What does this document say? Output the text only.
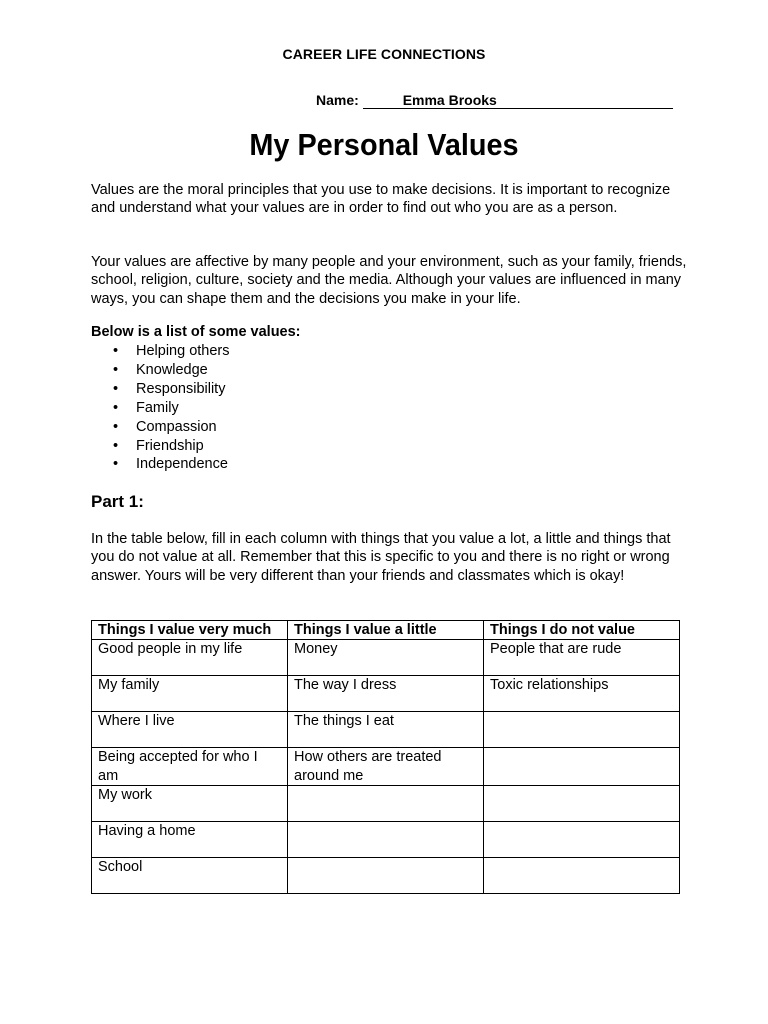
CAREER LIFE CONNECTIONS
Name:	Emma Brooks
My Personal Values

Values are the moral principles that you use to make decisions. It is important to recognize and understand what your values are in order to find out who you are as a person.

Your values are affective by many people and your environment, such as your family, friends, school, religion, culture, society and the media. Although your values are influenced in many ways, you can shape them and the decisions you make in your life.

Below is a list of some values:
• Helping others
• Knowledge
• Responsibility
• Family
• Compassion
• Friendship
• Independence
Part 1:

In the table below, fill in each column with things that you value a lot, a little and things that you do not value at all. Remember that this is specific to you and there is no right or wrong answer. Yours will be very different than your friends and classmates which is okay!

Things I value very much	Things I value a little	Things I do not value
Good people in my life	Money	People that are rude
My family	The way I dress	Toxic relationships
Where I live	The things I eat	
Being accepted for who I am	How others are treated around me	
My work		
Having a home		
School		
